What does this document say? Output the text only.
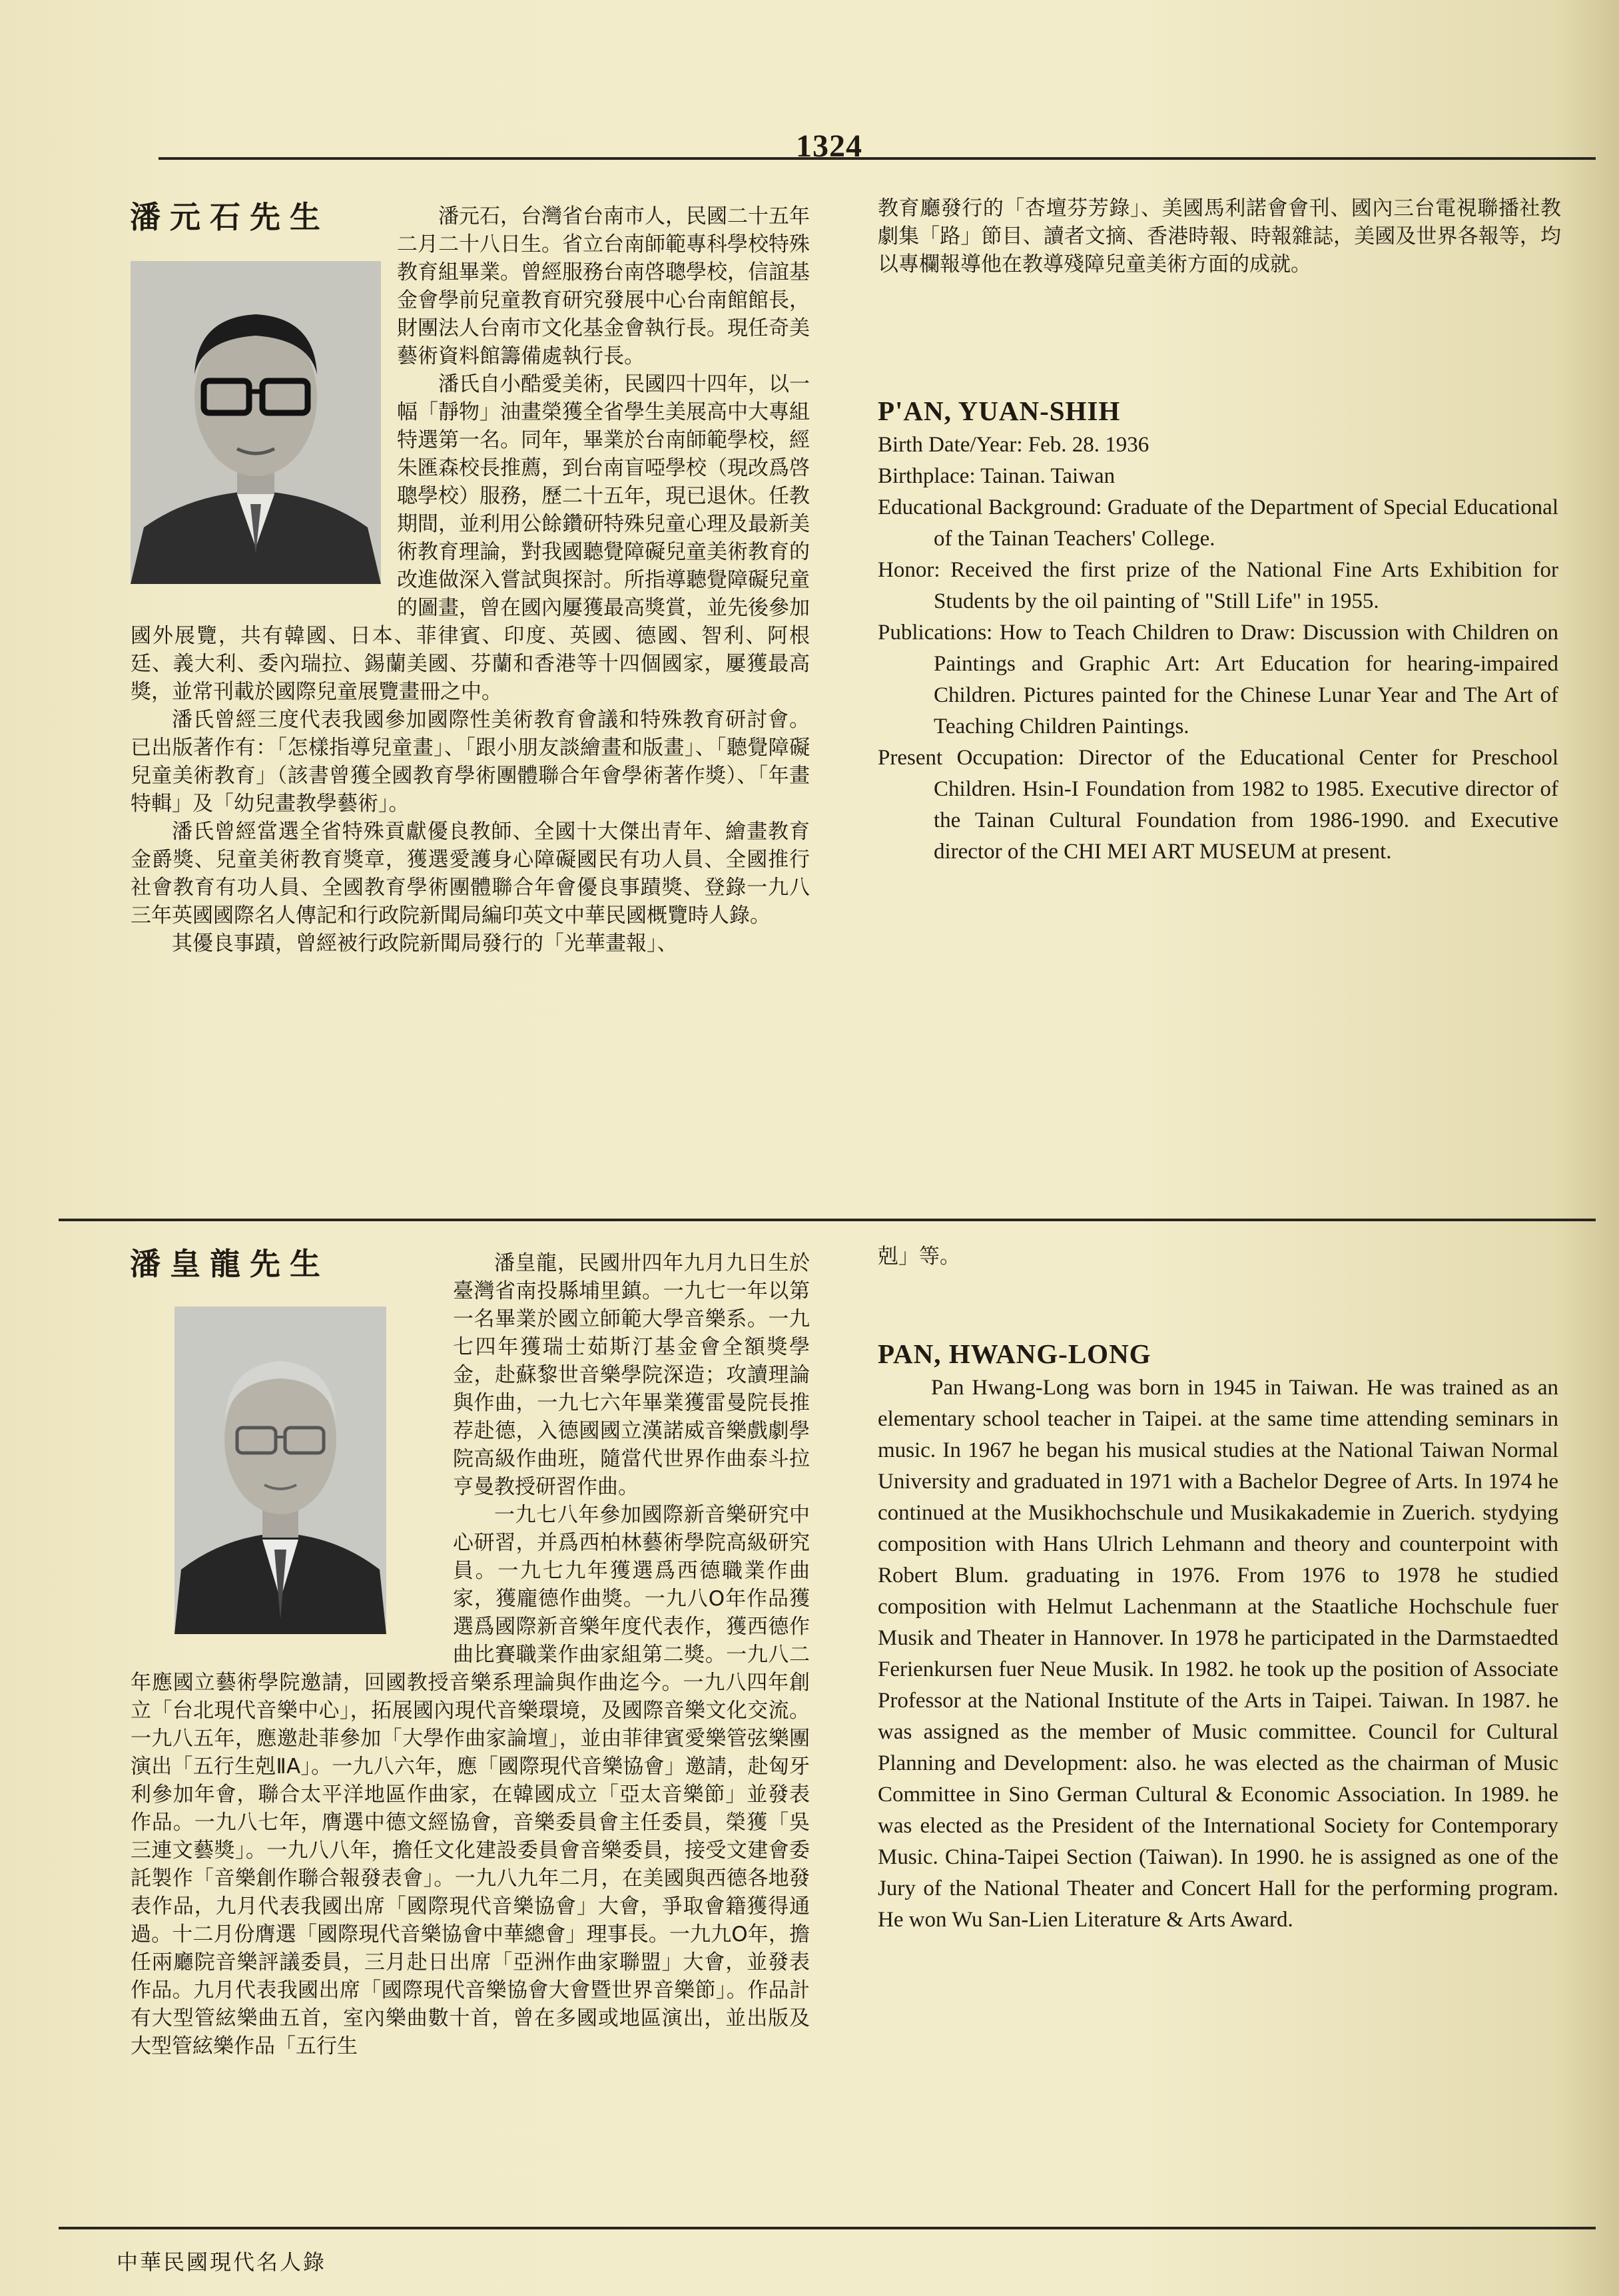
1324
潘元石先生	潘元石，台灣省台南市人，民國二十五年二月二十八日生。省立台南師範專科學校特殊教育組畢業。曾經服務台南啓聰學校，信誼基金會學前兒童教育研究發展中心台南館館長，財團法人台南市文化基金會執行長。現任奇美藝術資料館籌備處執行長。

潘氏自小酷愛美術，民國四十四年，以一幅「靜物」油畫榮獲全省學生美展高中大專組特選第一名。同年，畢業於台南師範學校，經朱匯森校長推薦，到台南盲啞學校（現改爲啓聰學校）服務，歷二十五年，現已退休。任教期間，並利用公餘鑽研特殊兒童心理及最新美術教育理論，對我國聽覺障礙兒童美術教育的改進做深入嘗試與探討。所指導聽覺障礙兒童的圖畫，曾在國內屢獲最高獎賞，並先後參加國外展覽，共有韓國、日本、菲律賓、印度、英國、德國、智利、阿根廷、義大利、委內瑞拉、錫蘭美國、芬蘭和香港等十四個國家，屢獲最高獎，並常刊載於國際兒童展覽畫冊之中。

潘氏曾經三度代表我國參加國際性美術教育會議和特殊教育研討會。已出版著作有：「怎樣指導兒童畫」、「跟小朋友談繪畫和版畫」、「聽覺障礙兒童美術教育」（該書曾獲全國教育學術團體聯合年會學術著作獎）、「年畫特輯」及「幼兒畫教學藝術」。

潘氏曾經當選全省特殊貢獻優良教師、全國十大傑出青年、繪畫教育金爵獎、兒童美術教育獎章，獲選愛護身心障礙國民有功人員、全國推行社會教育有功人員、全國教育學術團體聯合年會優良事蹟獎、登錄一九八三年英國國際名人傳記和行政院新聞局編印英文中華民國概覽時人錄。

其優良事蹟，曾經被行政院新聞局發行的「光華畫報」、

教育廳發行的「杏壇芬芳錄」、美國馬利諾會會刊、國內三台電視聯播社教劇集「路」節目、讀者文摘、香港時報、時報雜誌，美國及世界各報等，均以專欄報導他在教導殘障兒童美術方面的成就。

P'AN, YUAN-SHIH

Birth Date/Year: Feb. 28. 1936

Birthplace: Tainan. Taiwan

Educational Background: Graduate of the Department of Special Educational of the Tainan Teachers' College.

Honor: Received the first prize of the National Fine Arts Exhibition for Students by the oil painting of "Still Life" in 1955.

Publications: How to Teach Children to Draw: Discussion with Children on Paintings and Graphic Art: Art Education for hearing-impaired Children. Pictures painted for the Chinese Lunar Year and The Art of Teaching Children Paintings.

Present Occupation: Director of the Educational Center for Preschool Children. Hsin-I Foundation from 1982 to 1985. Executive director of the Tainan Cultural Foundation from 1986-1990. and Executive director of the CHI MEI ART MUSEUM at present.

潘皇龍先生	潘皇龍，民國卅四年九月九日生於臺灣省南投縣埔里鎮。一九七一年以第一名畢業於國立師範大學音樂系。一九七四年獲瑞士茹斯汀基金會全額獎學金，赴蘇黎世音樂學院深造；攻讀理論與作曲，一九七六年畢業獲雷曼院長推荐赴德，入德國國立漢諾威音樂戲劇學院高級作曲班，隨當代世界作曲泰斗拉亨曼教授研習作曲。

一九七八年參加國際新音樂研究中心研習，并爲西柏林藝術學院高級研究員。一九七九年獲選爲西德職業作曲家，獲龐德作曲獎。一九八O年作品獲選爲國際新音樂年度代表作，獲西德作曲比賽職業作曲家組第二獎。一九八二年應國立藝術學院邀請，回國教授音樂系理論與作曲迄今。一九八四年創立「台北現代音樂中心」，拓展國內現代音樂環境，及國際音樂文化交流。一九八五年，應邀赴菲參加「大學作曲家論壇」，並由菲律賓愛樂管弦樂團演出「五行生剋ⅡA」。一九八六年，應「國際現代音樂協會」邀請，赴匈牙利參加年會，聯合太平洋地區作曲家，在韓國成立「亞太音樂節」並發表作品。一九八七年，膺選中德文經協會，音樂委員會主任委員，榮獲「吳三連文藝獎」。一九八八年，擔任文化建設委員會音樂委員，接受文建會委託製作「音樂創作聯合報發表會」。一九八九年二月，在美國與西德各地發表作品，九月代表我國出席「國際現代音樂協會」大會，爭取會籍獲得通過。十二月份膺選「國際現代音樂協會中華總會」理事長。一九九O年，擔任兩廳院音樂評議委員，三月赴日出席「亞洲作曲家聯盟」大會，並發表作品。九月代表我國出席「國際現代音樂協會大會暨世界音樂節」。作品計有大型管絃樂曲五首，室內樂曲數十首，曾在多國或地區演出，並出版及大型管絃樂作品「五行生

剋」等。

PAN, HWANG-LONG

Pan Hwang-Long was born in 1945 in Taiwan. He was trained as an elementary school teacher in Taipei. at the same time attending seminars in music. In 1967 he began his musical studies at the National Taiwan Normal University and graduated in 1971 with a Bachelor Degree of Arts. In 1974 he continued at the Musikhochschule und Musikakademie in Zuerich. stydying composition with Hans Ulrich Lehmann and theory and counterpoint with Robert Blum. graduating in 1976. From 1976 to 1978 he studied composition with Helmut Lachenmann at the Staatliche Hochschule fuer Musik and Theater in Hannover. In 1978 he participated in the Darmstaedted Ferienkursen fuer Neue Musik. In 1982. he took up the position of Associate Professor at the National Institute of the Arts in Taipei. Taiwan. In 1987. he was assigned as the member of Music committee. Council for Cultural Planning and Development: also. he was elected as the chairman of Music Committee in Sino German Cultural & Economic Association. In 1989. he was elected as the President of the International Society for Contemporary Music. China-Taipei Section (Taiwan). In 1990. he is assigned as one of the Jury of the National Theater and Concert Hall for the performing program. He won Wu San-Lien Literature & Arts Award.

中華民國現代名人錄
